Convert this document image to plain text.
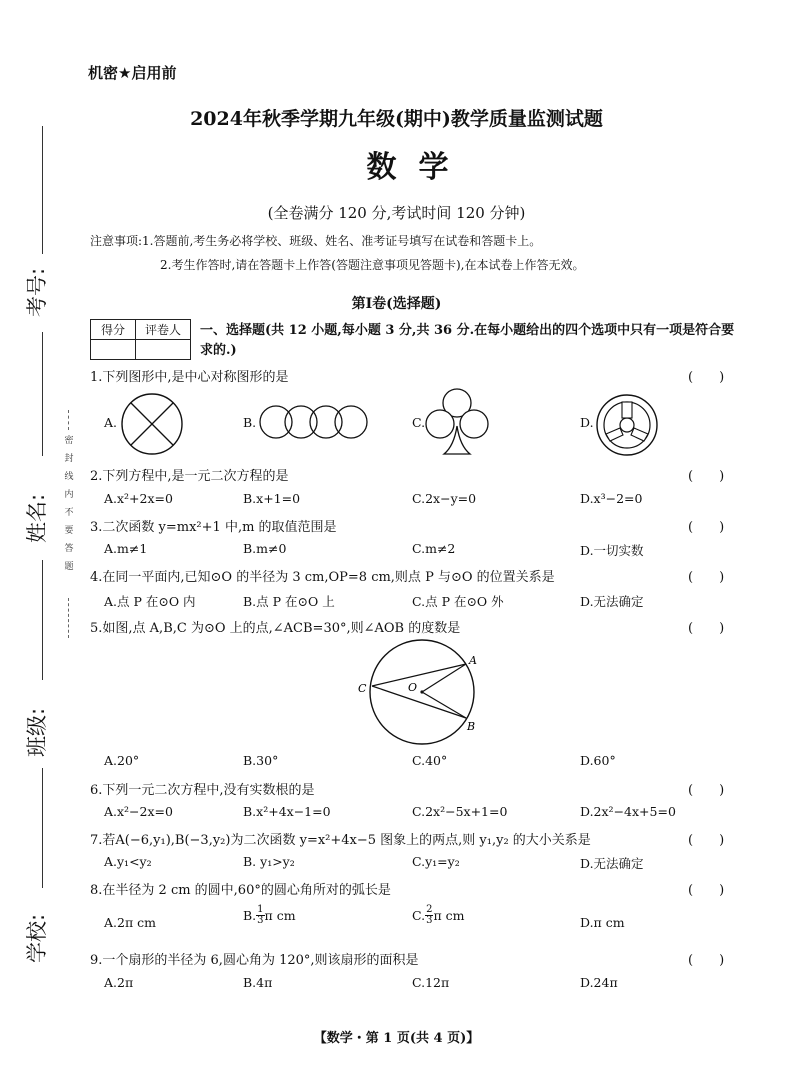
考号:
姓名:
班级:
学校:
密封线内不要答题
机密★启用前
2024年秋季学期九年级(期中)教学质量监测试题
数学
(全卷满分 120 分,考试时间 120 分钟)
注意事项:1.答题前,考生务必将学校、班级、姓名、准考证号填写在试卷和答题卡上。
2.考生作答时,请在答题卡上作答(答题注意事项见答题卡),在本试卷上作答无效。
第Ⅰ卷(选择题)
得分	评卷人
	一、选择题(共 12 小题,每小题 3 分,共 36 分.在每小题给出的四个选项中只有一项是符合要求的.)
1.下列图形中,是中心对称图形的是	(　　)
A.	B.	C.	D.
2.下列方程中,是一元二次方程的是	(　　)
A.x²+2x=0	B.x+1=0	C.2x−y=0	D.x³−2=0
3.二次函数 y=mx²+1 中,m 的取值范围是	(　　)
A.m≠1	B.m≠0	C.m≠2	D.一切实数
4.在同一平面内,已知⊙O 的半径为 3 cm,OP=8 cm,则点 P 与⊙O 的位置关系是	(　　)
A.点 P 在⊙O 内	B.点 P 在⊙O 上	C.点 P 在⊙O 外	D.无法确定
5.如图,点 A,B,C 为⊙O 上的点,∠ACB=30°,则∠AOB 的度数是	(　　)
A
B
C	O
A.20°	B.30°	C.40°	D.60°
6.下列一元二次方程中,没有实数根的是	(　　)
A.x²−2x=0	B.x²+4x−1=0	C.2x²−5x+1=0	D.2x²−4x+5=0
7.若A(−6,y₁),B(−3,y₂)为二次函数 y=x²+4x−5 图象上的两点,则 y₁,y₂ 的大小关系是	(　　)
A.y₁<y₂	B. y₁>y₂	C.y₁=y₂	D.无法确定
8.在半径为 2 cm 的圆中,60°的圆心角所对的弧长是	(　　)
A.2π cm	B. $\frac{1}{3}\pi$ cm	C. $\frac{2}{3}\pi$ cm	D.π cm
9.一个扇形的半径为 6,圆心角为 120°,则该扇形的面积是	(　　)
A.2π	B.4π	C.12π	D.24π
【数学・第 1 页(共 4 页)】
